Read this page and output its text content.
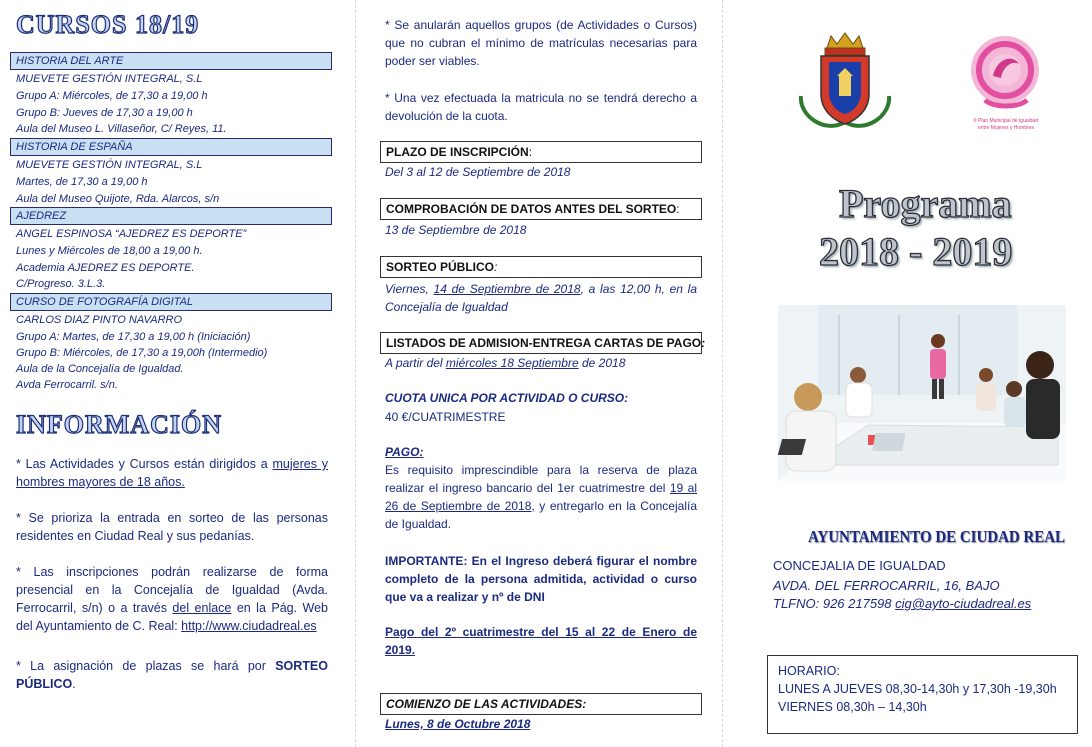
CURSOS 18/19
HISTORIA DEL ARTE
MUEVETE GESTIÓN INTEGRAL, S.L
Grupo A: Miércoles, de 17,30 a 19,00 h
Grupo B: Jueves de 17,30 a 19,00 h
Aula del Museo L. Villaseñor, C/ Reyes, 11.
HISTORIA DE ESPAÑA
MUEVETE GESTIÓN INTEGRAL, S.L
Martes, de 17,30 a 19,00 h
Aula del Museo Quijote, Rda. Alarcos, s/n
AJEDREZ
ANGEL ESPINOSA “AJEDREZ ES DEPORTE”
Lunes y Miércoles de 18,00 a 19,00 h.
Academia AJEDREZ ES DEPORTE.
C/Progreso. 3.L.3.
CURSO DE FOTOGRAFÍA DIGITAL
CARLOS DIAZ PINTO NAVARRO
Grupo A: Martes, de 17,30 a 19,00 h (Iniciación)
Grupo B: Miércoles, de 17,30 a 19,00h (Intermedio)
Aula de la Concejalía de Igualdad.
Avda Ferrocarril. s/n.
INFORMACIÓN
* Las Actividades y Cursos están dirigidos a mujeres y hombres mayores de 18 años.
* Se prioriza la entrada en sorteo de las personas residentes en Ciudad Real y sus pedanías.
* Las inscripciones podrán realizarse de forma presencial en la Concejalía de Igualdad (Avda. Ferrocarril, s/n) o a través del enlace en la Pág. Web del Ayuntamiento de C. Real: http://www.ciudadreal.es
* La asignación de plazas se hará por SORTEO PÚBLICO.
* Se anularán aquellos grupos (de Actividades o Cursos) que no cubran el mínimo de matrículas necesarias para poder ser viables.
* Una vez efectuada la matricula no se tendrá derecho a devolución de la cuota.
PLAZO DE INSCRIPCIÓN:
Del 3 al 12 de Septiembre de 2018
COMPROBACIÓN DE DATOS ANTES DEL SORTEO:
13 de Septiembre de 2018
SORTEO PÚBLICO:
Viernes, 14 de Septiembre de 2018, a las 12,00 h, en la Concejalía de Igualdad
LISTADOS DE ADMISION-ENTREGA CARTAS DE PAGO:
A partir del miércoles 18 Septiembre de 2018
CUOTA UNICA POR ACTIVIDAD O CURSO:
40 €/CUATRIMESTRE
PAGO:
Es requisito imprescindible para la reserva de plaza realizar el ingreso bancario del 1er cuatrimestre del 19 al 26 de Septiembre de 2018, y entregarlo en la Concejalía de Igualdad.
IMPORTANTE: En el Ingreso deberá figurar el nombre completo de la persona admitida, actividad o curso que va a realizar y nº de DNI
Pago del 2º cuatrimestre del 15 al 22 de Enero de 2019.
COMIENZO DE LAS ACTIVIDADES:
Lunes, 8 de Octubre 2018
II Plan Municipal de Igualdad
entre Mujeres y Hombres
Programa
2018 - 2019
AYUNTAMIENTO DE CIUDAD REAL
CONCEJALIA DE IGUALDAD
AVDA. DEL FERROCARRIL, 16, BAJO
TLFNO: 926 217598 cig@ayto-ciudadreal.es
HORARIO:
LUNES A JUEVES 08,30-14,30h y 17,30h -19,30h
VIERNES 08,30h – 14,30h
